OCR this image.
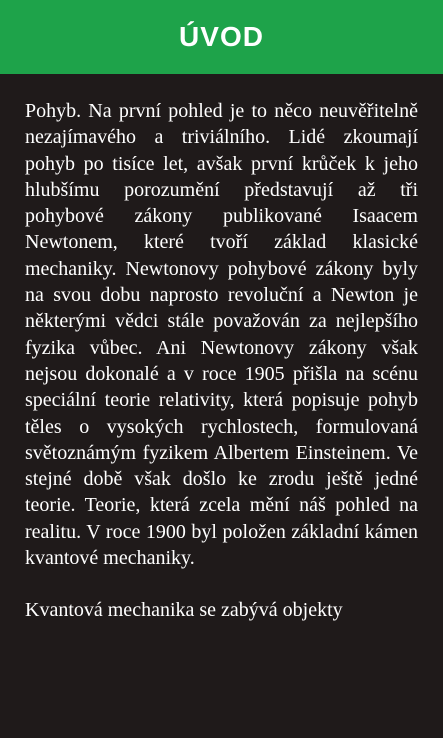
ÚVOD

Pohyb. Na první pohled je to něco neuvěřitelně nezajímavého a triviálního. Lidé zkoumají pohyb po tisíce let, avšak první krůček k jeho hlubšímu porozumění představují až tři pohybové zákony publikované Isaacem Newtonem, které tvoří základ klasické mechaniky. Newtonovy pohybové zákony byly na svou dobu naprosto revoluční a Newton je některými vědci stále považován za nejlepšího fyzika vůbec. Ani Newtonovy zákony však nejsou dokonalé a v roce 1905 přišla na scénu speciální teorie relativity, která popisuje pohyb těles o vysokých rychlostech, formulovaná světoznámým fyzikem Albertem Einsteinem. Ve stejné době však došlo ke zrodu ještě jedné teorie. Teorie, která zcela mění náš pohled na realitu. V roce 1900 byl položen základní kámen kvantové mechaniky.

Kvantová mechanika se zabývá objekty
